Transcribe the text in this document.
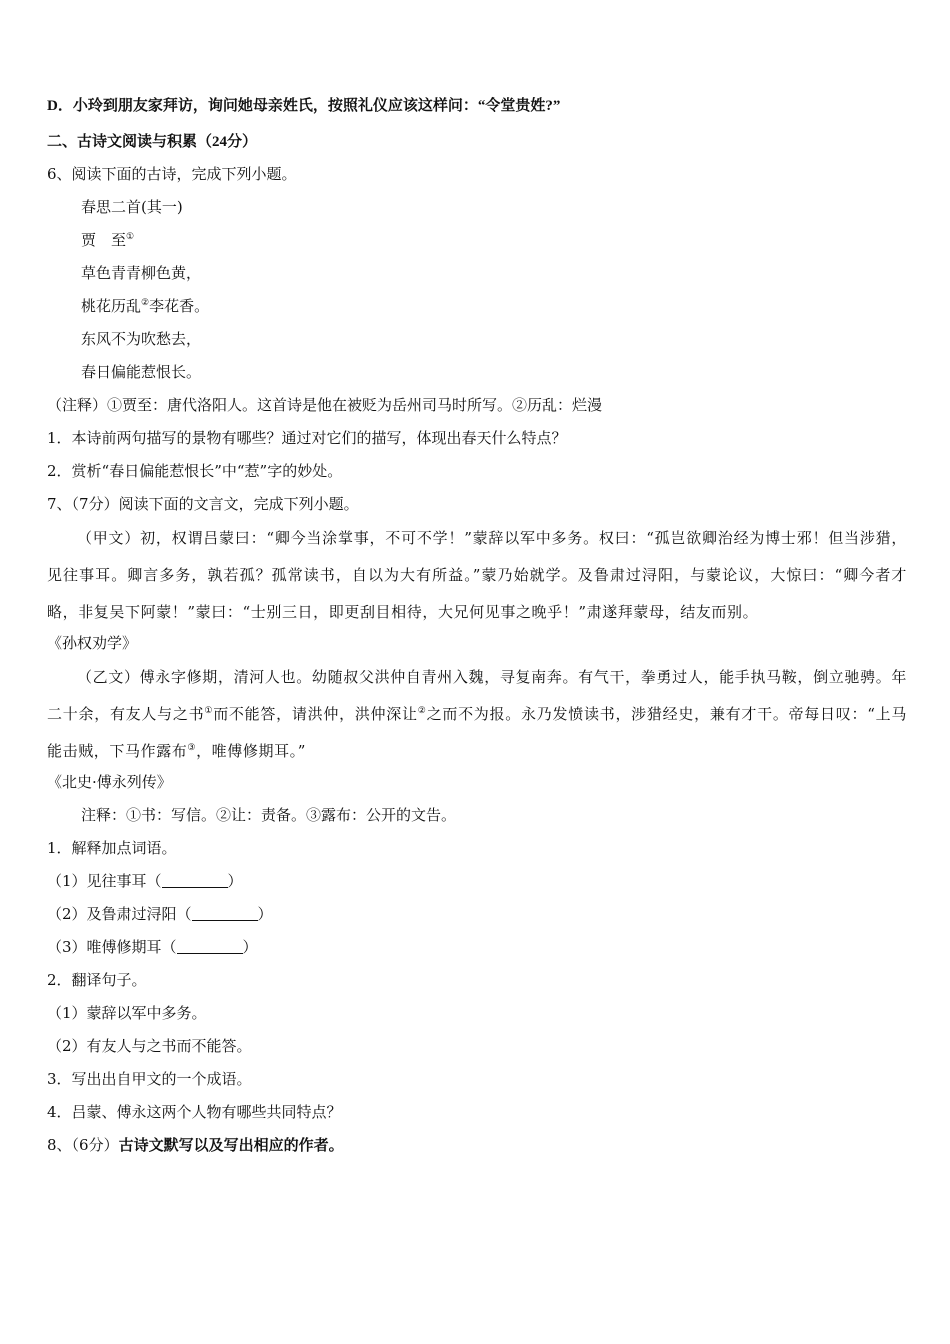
D．小玲到朋友家拜访，询问她母亲姓氏，按照礼仪应该这样问：“令堂贵姓?”

二、古诗文阅读与积累（24分）

6、阅读下面的古诗，完成下列小题。

春思二首(其一)

贾　至①

草色青青柳色黄，

桃花历乱②李花香。

东风不为吹愁去，

春日偏能惹恨长。

（注释）①贾至：唐代洛阳人。这首诗是他在被贬为岳州司马时所写。②历乱：烂漫

1．本诗前两句描写的景物有哪些？通过对它们的描写，体现出春天什么特点？

2．赏析“春日偏能惹恨长”中“惹”字的妙处。

7、（7分）阅读下面的文言文，完成下列小题。

（甲文）初，权谓吕蒙曰：“卿今当涂掌事，不可不学！”蒙辞以军中多务。权曰：“孤岂欲卿治经为博士邪！但当涉猎，见往事耳。卿言多务，孰若孤？孤常读书，自以为大有所益。”蒙乃始就学。及鲁肃过浔阳，与蒙论议，大惊曰：“卿今者才略，非复吴下阿蒙！”蒙曰：“士别三日，即更刮目相待，大兄何见事之晚乎！”肃遂拜蒙母，结友而别。

《孙权劝学》

（乙文）傅永字修期，清河人也。幼随叔父洪仲自青州入魏，寻复南奔。有气干，拳勇过人，能手执马鞍，倒立驰骋。年二十余，有友人与之书①而不能答，请洪仲，洪仲深让②之而不为报。永乃发愤读书，涉猎经史，兼有才干。帝每日叹：“上马能击贼，下马作露布③，唯傅修期耳。”

《北史·傅永列传》

注释：①书：写信。②让：责备。③露布：公开的文告。

1．解释加点词语。

（1）见往事耳（	）

（2）及鲁肃过浔阳（	）

（3）唯傅修期耳（	）

2．翻译句子。

（1）蒙辞以军中多务。

（2）有友人与之书而不能答。

3．写出出自甲文的一个成语。

4．吕蒙、傅永这两个人物有哪些共同特点？

8、（6分）古诗文默写以及写出相应的作者。
